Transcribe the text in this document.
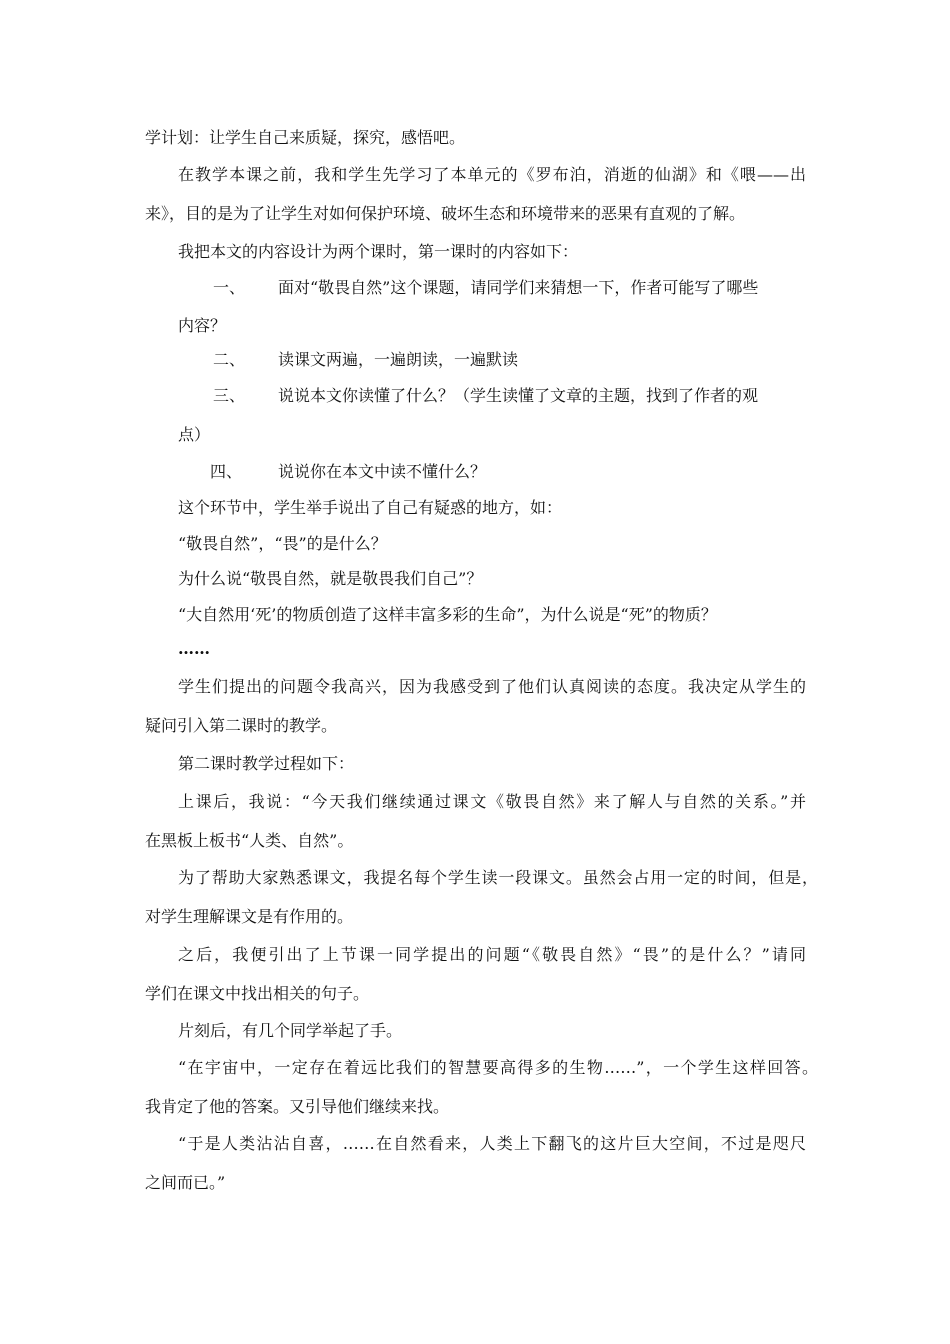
学计划：让学生自己来质疑，探究，感悟吧。
在教学本课之前，我和学生先学习了本单元的《罗布泊，消逝的仙湖》和《喂——出
来》，目的是为了让学生对如何保护环境、破坏生态和环境带来的恶果有直观的了解。
我把本文的内容设计为两个课时，第一课时的内容如下：
一、 面对“敬畏自然”这个课题，请同学们来猜想一下，作者可能写了哪些
内容？
二、 读课文两遍，一遍朗读，一遍默读
三、 说说本文你读懂了什么？（学生读懂了文章的主题，找到了作者的观
点）
四、 说说你在本文中读不懂什么？
这个环节中，学生举手说出了自己有疑惑的地方，如：
“敬畏自然”，“畏”的是什么？
为什么说“敬畏自然，就是敬畏我们自己”？
“大自然用‘死’的物质创造了这样丰富多彩的生命”，为什么说是“死”的物质？
……
学生们提出的问题令我高兴，因为我感受到了他们认真阅读的态度。我决定从学生的
疑问引入第二课时的教学。
第二课时教学过程如下：
上课后，我说：“今天我们继续通过课文《敬畏自然》来了解人与自然的关系。”并
在黑板上板书“人类、自然”。
为了帮助大家熟悉课文，我提名每个学生读一段课文。虽然会占用一定的时间，但是，
对学生理解课文是有作用的。
之后，我便引出了上节课一同学提出的问题“《敬畏自然》“畏”的是什么？”请同
学们在课文中找出相关的句子。
片刻后，有几个同学举起了手。
“在宇宙中，一定存在着远比我们的智慧要高得多的生物……”，一个学生这样回答。
我肯定了他的答案。又引导他们继续来找。
“于是人类沾沾自喜，……在自然看来，人类上下翻飞的这片巨大空间，不过是咫尺
之间而已。”
